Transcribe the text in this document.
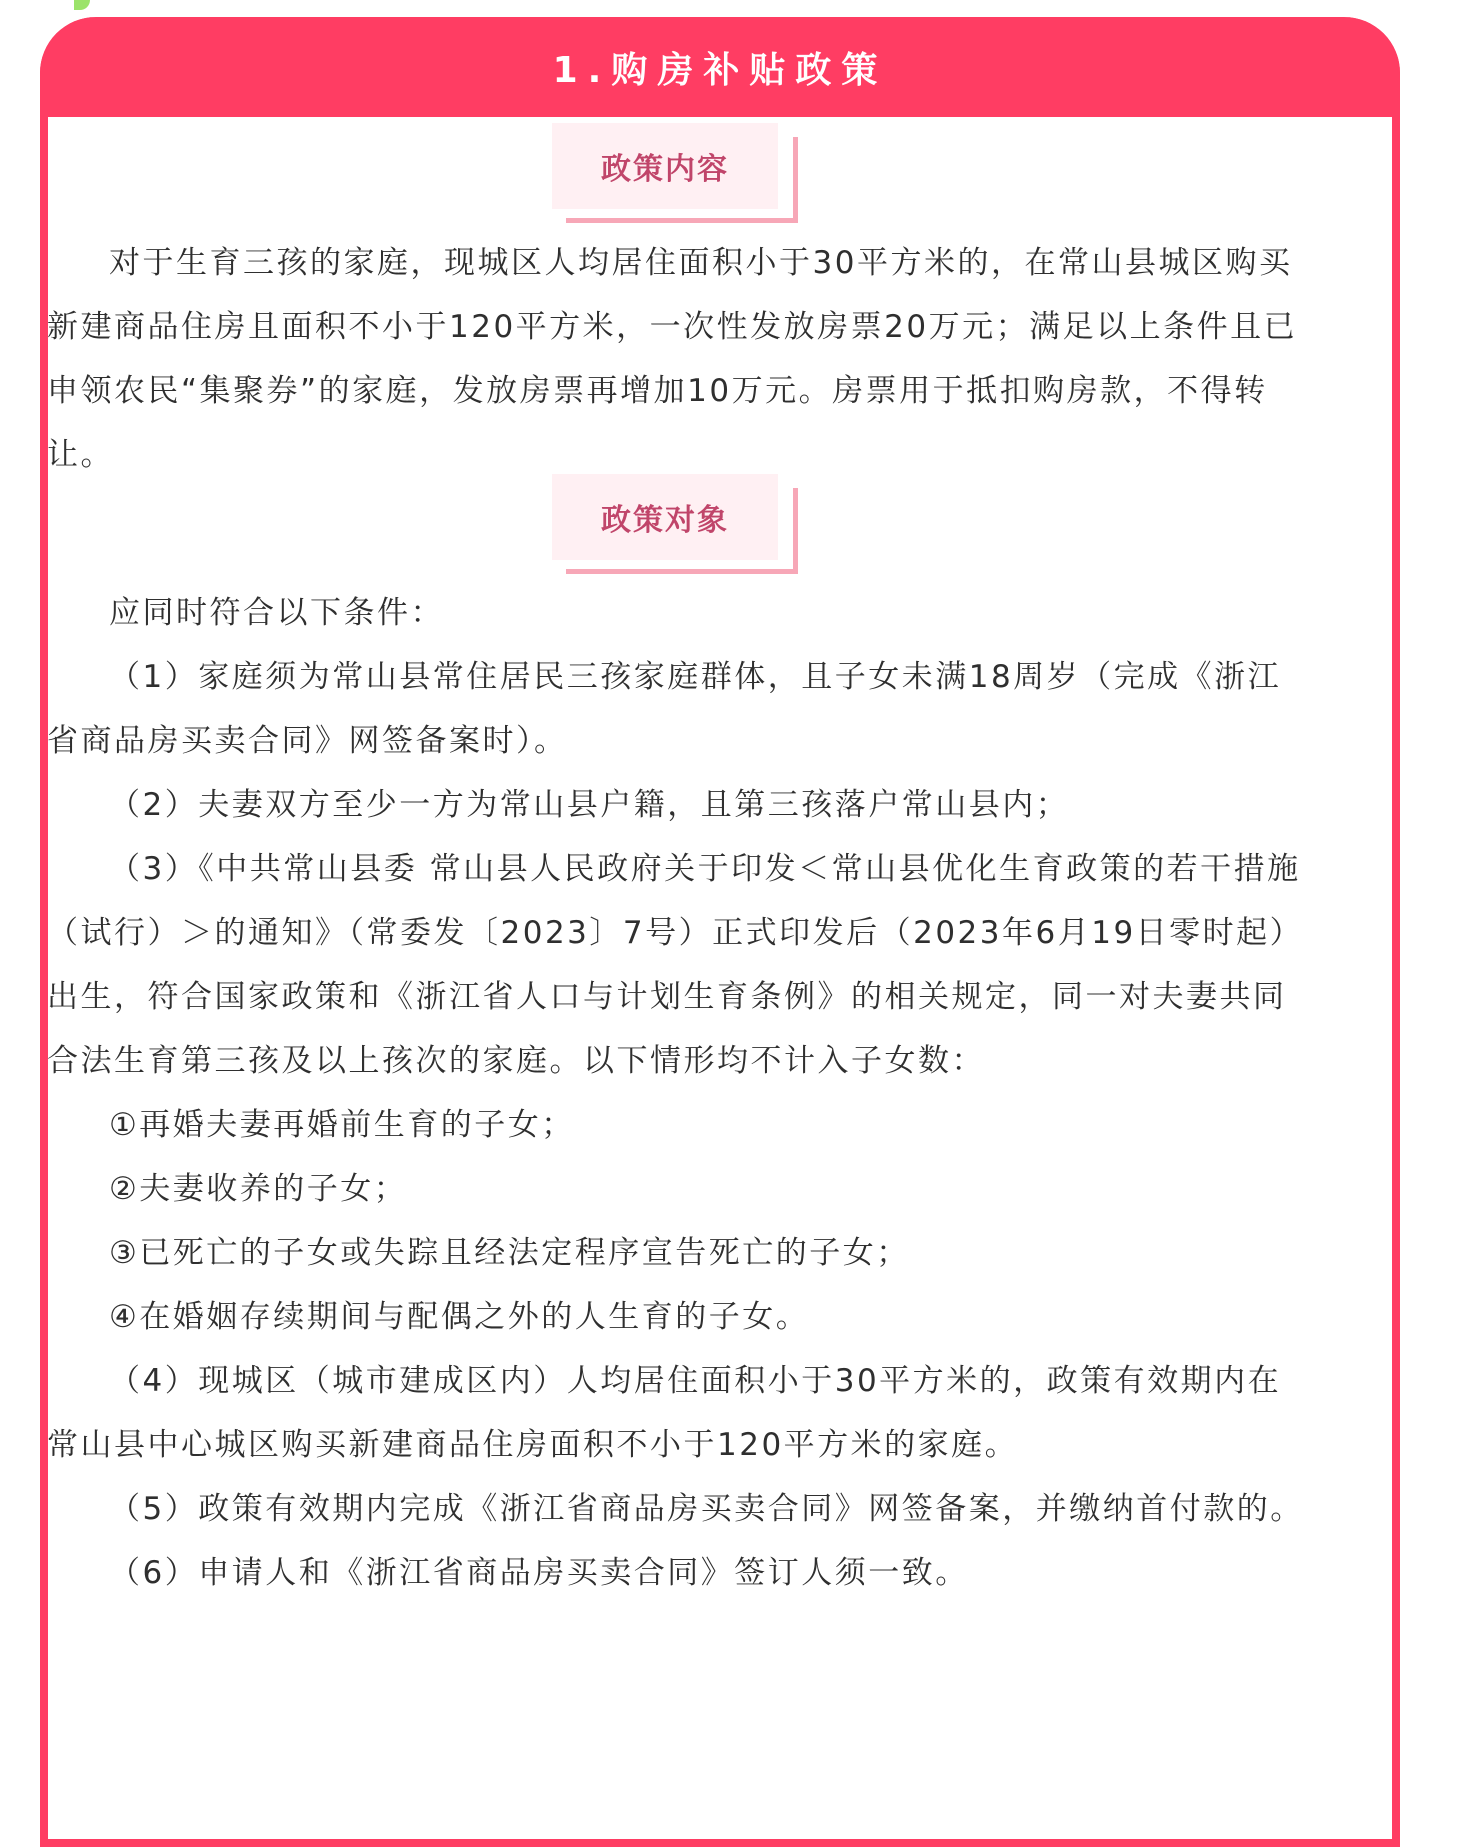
1.购房补贴政策
政策内容

对于生育三孩的家庭，现城区人均居住面积小于30平方米的，在常山县城区购买新建商品住房且面积不小于120平方米，一次性发放房票20万元；满足以上条件且已申领农民“集聚券”的家庭，发放房票再增加10万元。房票用于抵扣购房款，不得转让。

政策对象

应同时符合以下条件：

（1）家庭须为常山县常住居民三孩家庭群体，且子女未满18周岁（完成《浙江省商品房买卖合同》网签备案时）。

（2）夫妻双方至少一方为常山县户籍，且第三孩落户常山县内；

（3）《中共常山县委 常山县人民政府关于印发＜常山县优化生育政策的若干措施（试行）＞的通知》（常委发〔2023〕7号）正式印发后（2023年6月19日零时起）出生，符合国家政策和《浙江省人口与计划生育条例》的相关规定，同一对夫妻共同合法生育第三孩及以上孩次的家庭。以下情形均不计入子女数：

①再婚夫妻再婚前生育的子女；

②夫妻收养的子女；

③已死亡的子女或失踪且经法定程序宣告死亡的子女；

④在婚姻存续期间与配偶之外的人生育的子女。

（4）现城区（城市建成区内）人均居住面积小于30平方米的，政策有效期内在常山县中心城区购买新建商品住房面积不小于120平方米的家庭。

（5）政策有效期内完成《浙江省商品房买卖合同》网签备案，并缴纳首付款的。

（6）申请人和《浙江省商品房买卖合同》签订人须一致。
